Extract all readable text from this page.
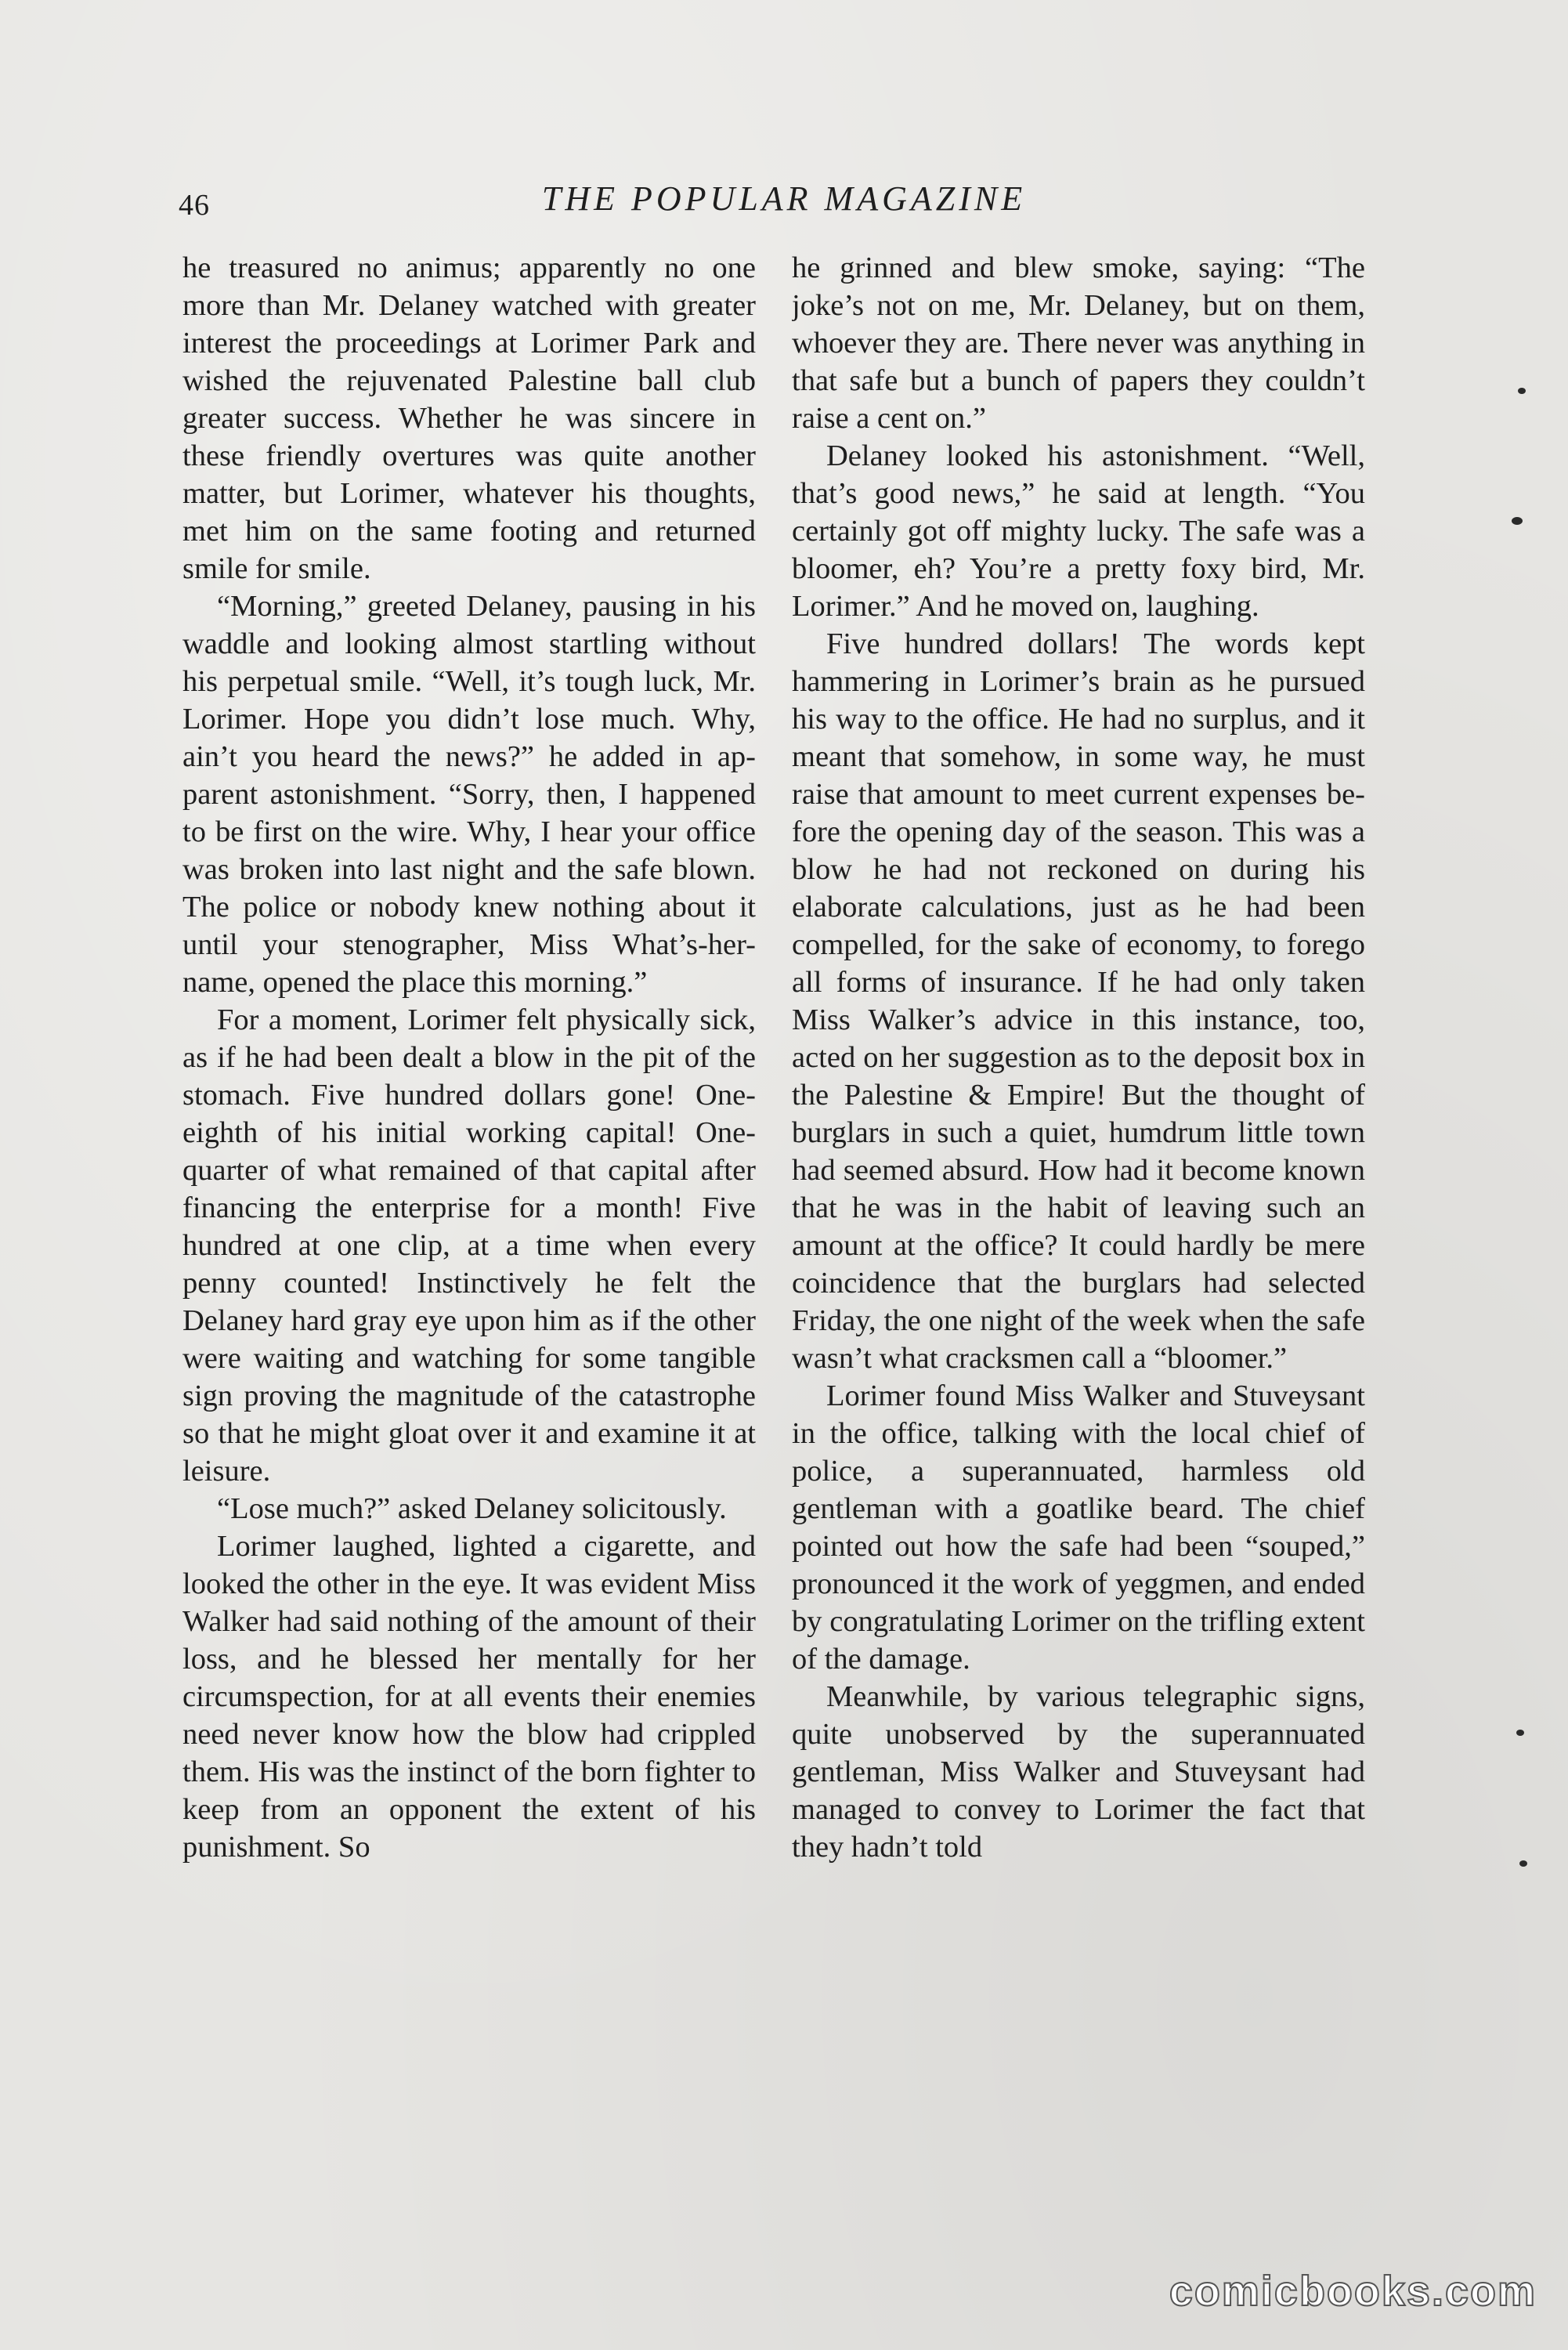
46	THE POPULAR MAGAZINE

he treasured no animus; apparently no one more than Mr. Delaney watched with greater interest the proceedings at Lorimer Park and wished the rejuvenated Palestine ball club greater success. Whether he was sincere in these friendly overtures was quite another matter, but Lorimer, whatever his thoughts, met him on the same footing and returned smile for smile.

“Morning,” greeted Delaney, pausing in his waddle and looking almost startling without his perpetual smile. “Well, it’s tough luck, Mr. Lorimer. Hope you didn’t lose much. Why, ain’t you heard the news?” he added in apparent astonishment. “Sorry, then, I happened to be first on the wire. Why, I hear your office was broken into last night and the safe blown. The police or nobody knew nothing about it until your stenographer, Miss What’s-her-name, opened the place this morning.”

For a moment, Lorimer felt physically sick, as if he had been dealt a blow in the pit of the stomach. Five hundred dollars gone! One-eighth of his initial working capital! One-quarter of what remained of that capital after financing the enterprise for a month! Five hundred at one clip, at a time when every penny counted! Instinctively he felt the Delaney hard gray eye upon him as if the other were waiting and watching for some tangible sign proving the magnitude of the catastrophe so that he might gloat over it and examine it at leisure.

“Lose much?” asked Delaney solicitously.

Lorimer laughed, lighted a cigarette, and looked the other in the eye. It was evident Miss Walker had said nothing of the amount of their loss, and he blessed her mentally for her circumspection, for at all events their enemies need never know how the blow had crippled them. His was the instinct of the born fighter to keep from an opponent the extent of his punishment. So

he grinned and blew smoke, saying: “The joke’s not on me, Mr. Delaney, but on them, whoever they are. There never was anything in that safe but a bunch of papers they couldn’t raise a cent on.”

Delaney looked his astonishment. “Well, that’s good news,” he said at length. “You certainly got off mighty lucky. The safe was a bloomer, eh? You’re a pretty foxy bird, Mr. Lorimer.” And he moved on, laughing.

Five hundred dollars! The words kept hammering in Lorimer’s brain as he pursued his way to the office. He had no surplus, and it meant that somehow, in some way, he must raise that amount to meet current expenses before the opening day of the season. This was a blow he had not reckoned on during his elaborate calculations, just as he had been compelled, for the sake of economy, to forego all forms of insurance. If he had only taken Miss Walker’s advice in this instance, too, acted on her suggestion as to the deposit box in the Palestine & Empire! But the thought of burglars in such a quiet, humdrum little town had seemed absurd. How had it become known that he was in the habit of leaving such an amount at the office? It could hardly be mere coincidence that the burglars had selected Friday, the one night of the week when the safe wasn’t what cracksmen call a “bloomer.”

Lorimer found Miss Walker and Stuveysant in the office, talking with the local chief of police, a superannuated, harmless old gentleman with a goatlike beard. The chief pointed out how the safe had been “souped,” pronounced it the work of yeggmen, and ended by congratulating Lorimer on the trifling extent of the damage.

Meanwhile, by various telegraphic signs, quite unobserved by the superannuated gentleman, Miss Walker and Stuveysant had managed to convey to Lorimer the fact that they hadn’t told

comicbooks.com
